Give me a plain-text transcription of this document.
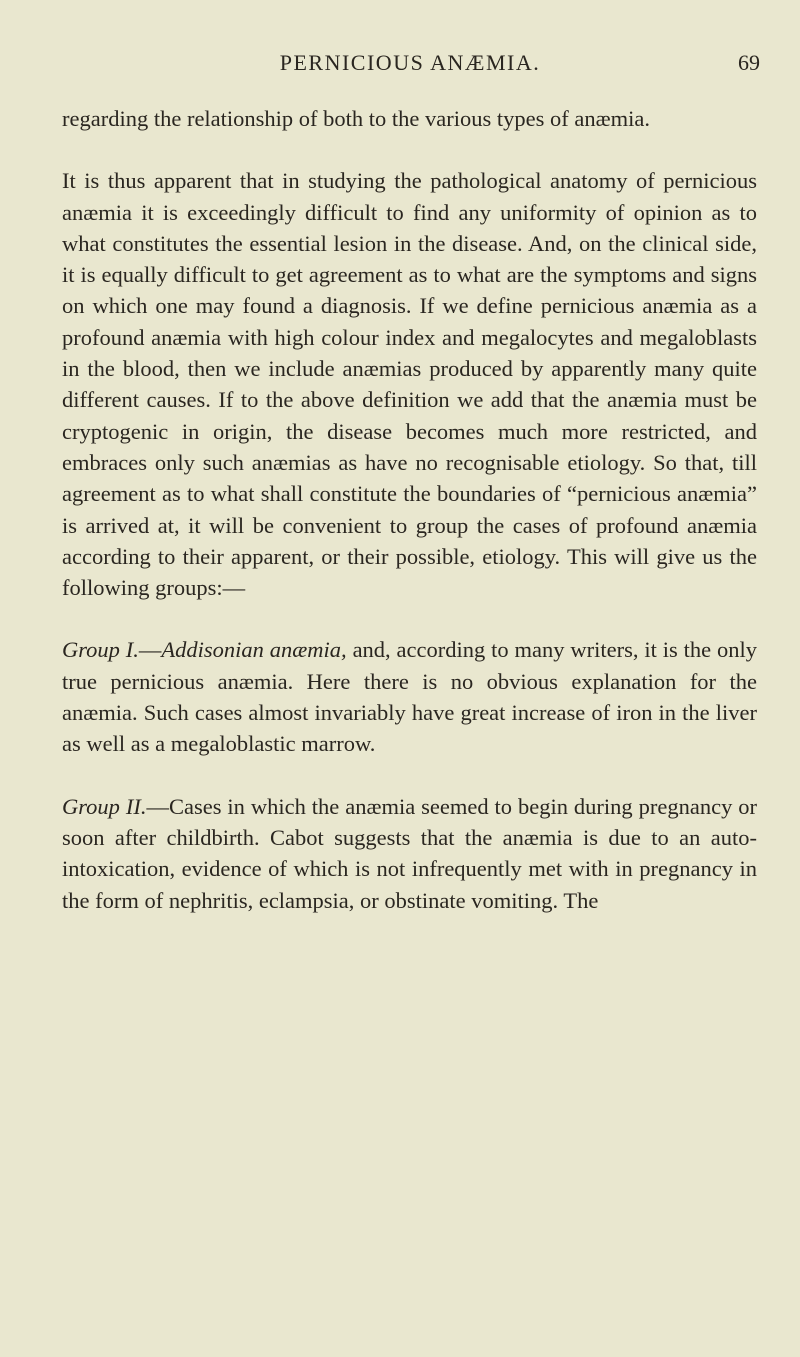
PERNICIOUS ANÆMIA.	69

regarding the relationship of both to the various types of anæmia.

It is thus apparent that in studying the pathological anatomy of pernicious anæmia it is exceedingly difficult to find any uniformity of opinion as to what constitutes the essential lesion in the disease. And, on the clinical side, it is equally difficult to get agreement as to what are the symptoms and signs on which one may found a diagnosis. If we define pernicious anæmia as a profound anæmia with high colour index and megalocytes and megaloblasts in the blood, then we include anæmias produced by apparently many quite different causes. If to the above definition we add that the anæmia must be cryptogenic in origin, the disease becomes much more restricted, and embraces only such anæmias as have no recognisable etiology. So that, till agreement as to what shall constitute the boundaries of “pernicious anæmia” is arrived at, it will be convenient to group the cases of profound anæmia according to their apparent, or their possible, etiology. This will give us the following groups:—

Group I.—Addisonian anæmia, and, according to many writers, it is the only true pernicious anæmia. Here there is no obvious explanation for the anæmia. Such cases almost invariably have great increase of iron in the liver as well as a megaloblastic marrow.

Group II.—Cases in which the anæmia seemed to begin during pregnancy or soon after childbirth. Cabot suggests that the anæmia is due to an auto-intoxication, evidence of which is not infrequently met with in pregnancy in the form of nephritis, eclampsia, or obstinate vomiting. The
